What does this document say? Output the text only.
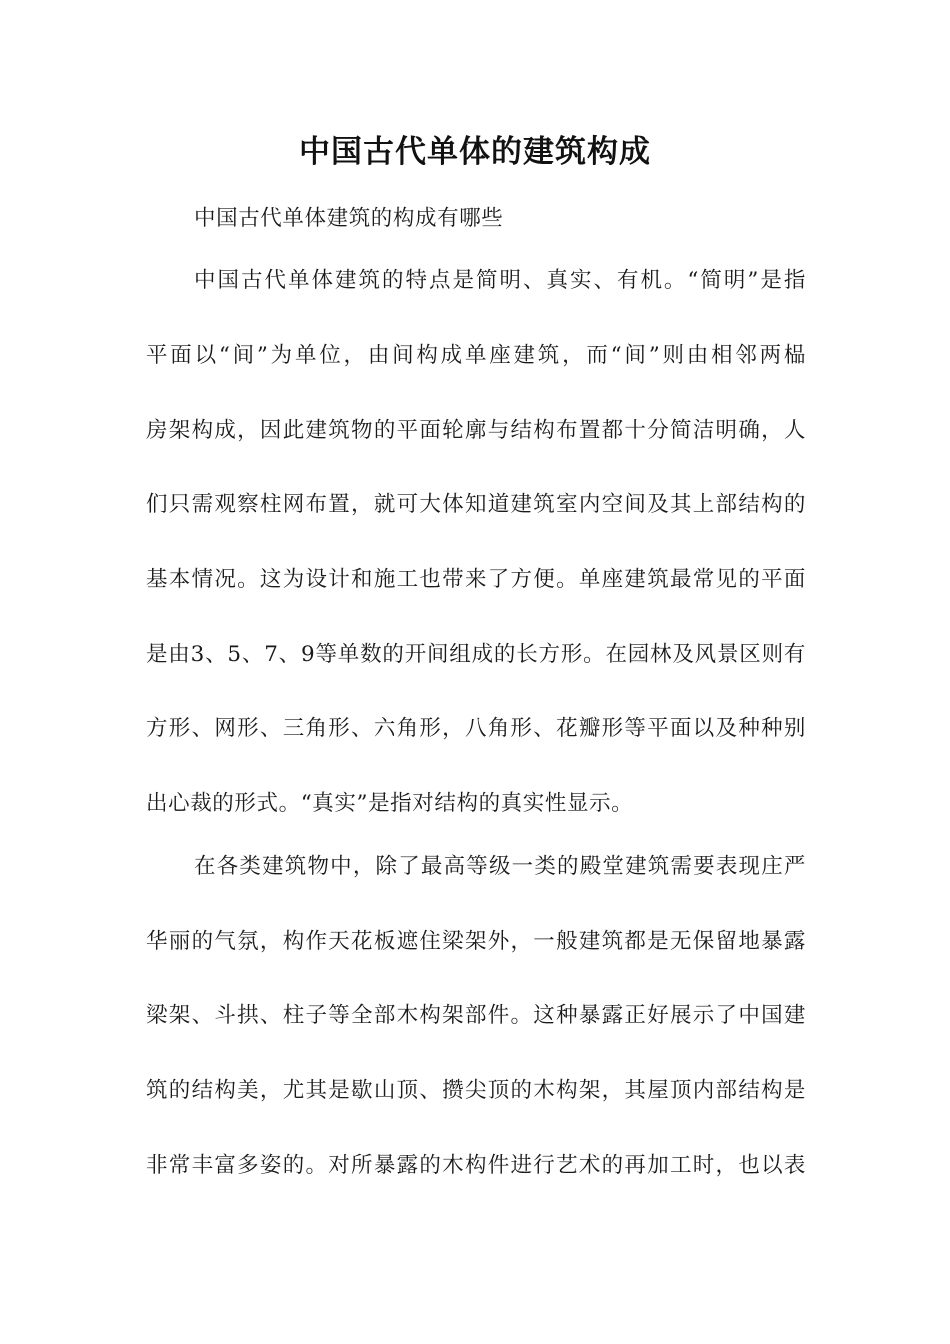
中国古代单体的建筑构成
中国古代单体建筑的构成有哪些
中国古代单体建筑的特点是简明、真实、有机。“简明”是指
平面以“间”为单位，由间构成单座建筑，而“间”则由相邻两榀
房架构成，因此建筑物的平面轮廓与结构布置都十分简洁明确，人
们只需观察柱网布置，就可大体知道建筑室内空间及其上部结构的
基本情况。这为设计和施工也带来了方便。单座建筑最常见的平面
是由3、5、7、9等单数的开间组成的长方形。在园林及风景区则有
方形、网形、三角形、六角形，八角形、花瓣形等平面以及种种别
出心裁的形式。“真实”是指对结构的真实性显示。
在各类建筑物中，除了最高等级一类的殿堂建筑需要表现庄严
华丽的气氛，构作天花板遮住梁架外，一般建筑都是无保留地暴露
梁架、斗拱、柱子等全部木构架部件。这种暴露正好展示了中国建
筑的结构美，尤其是歇山顶、攒尖顶的木构架，其屋顶内部结构是
非常丰富多姿的。对所暴露的木构件进行艺术的再加工时，也以表
